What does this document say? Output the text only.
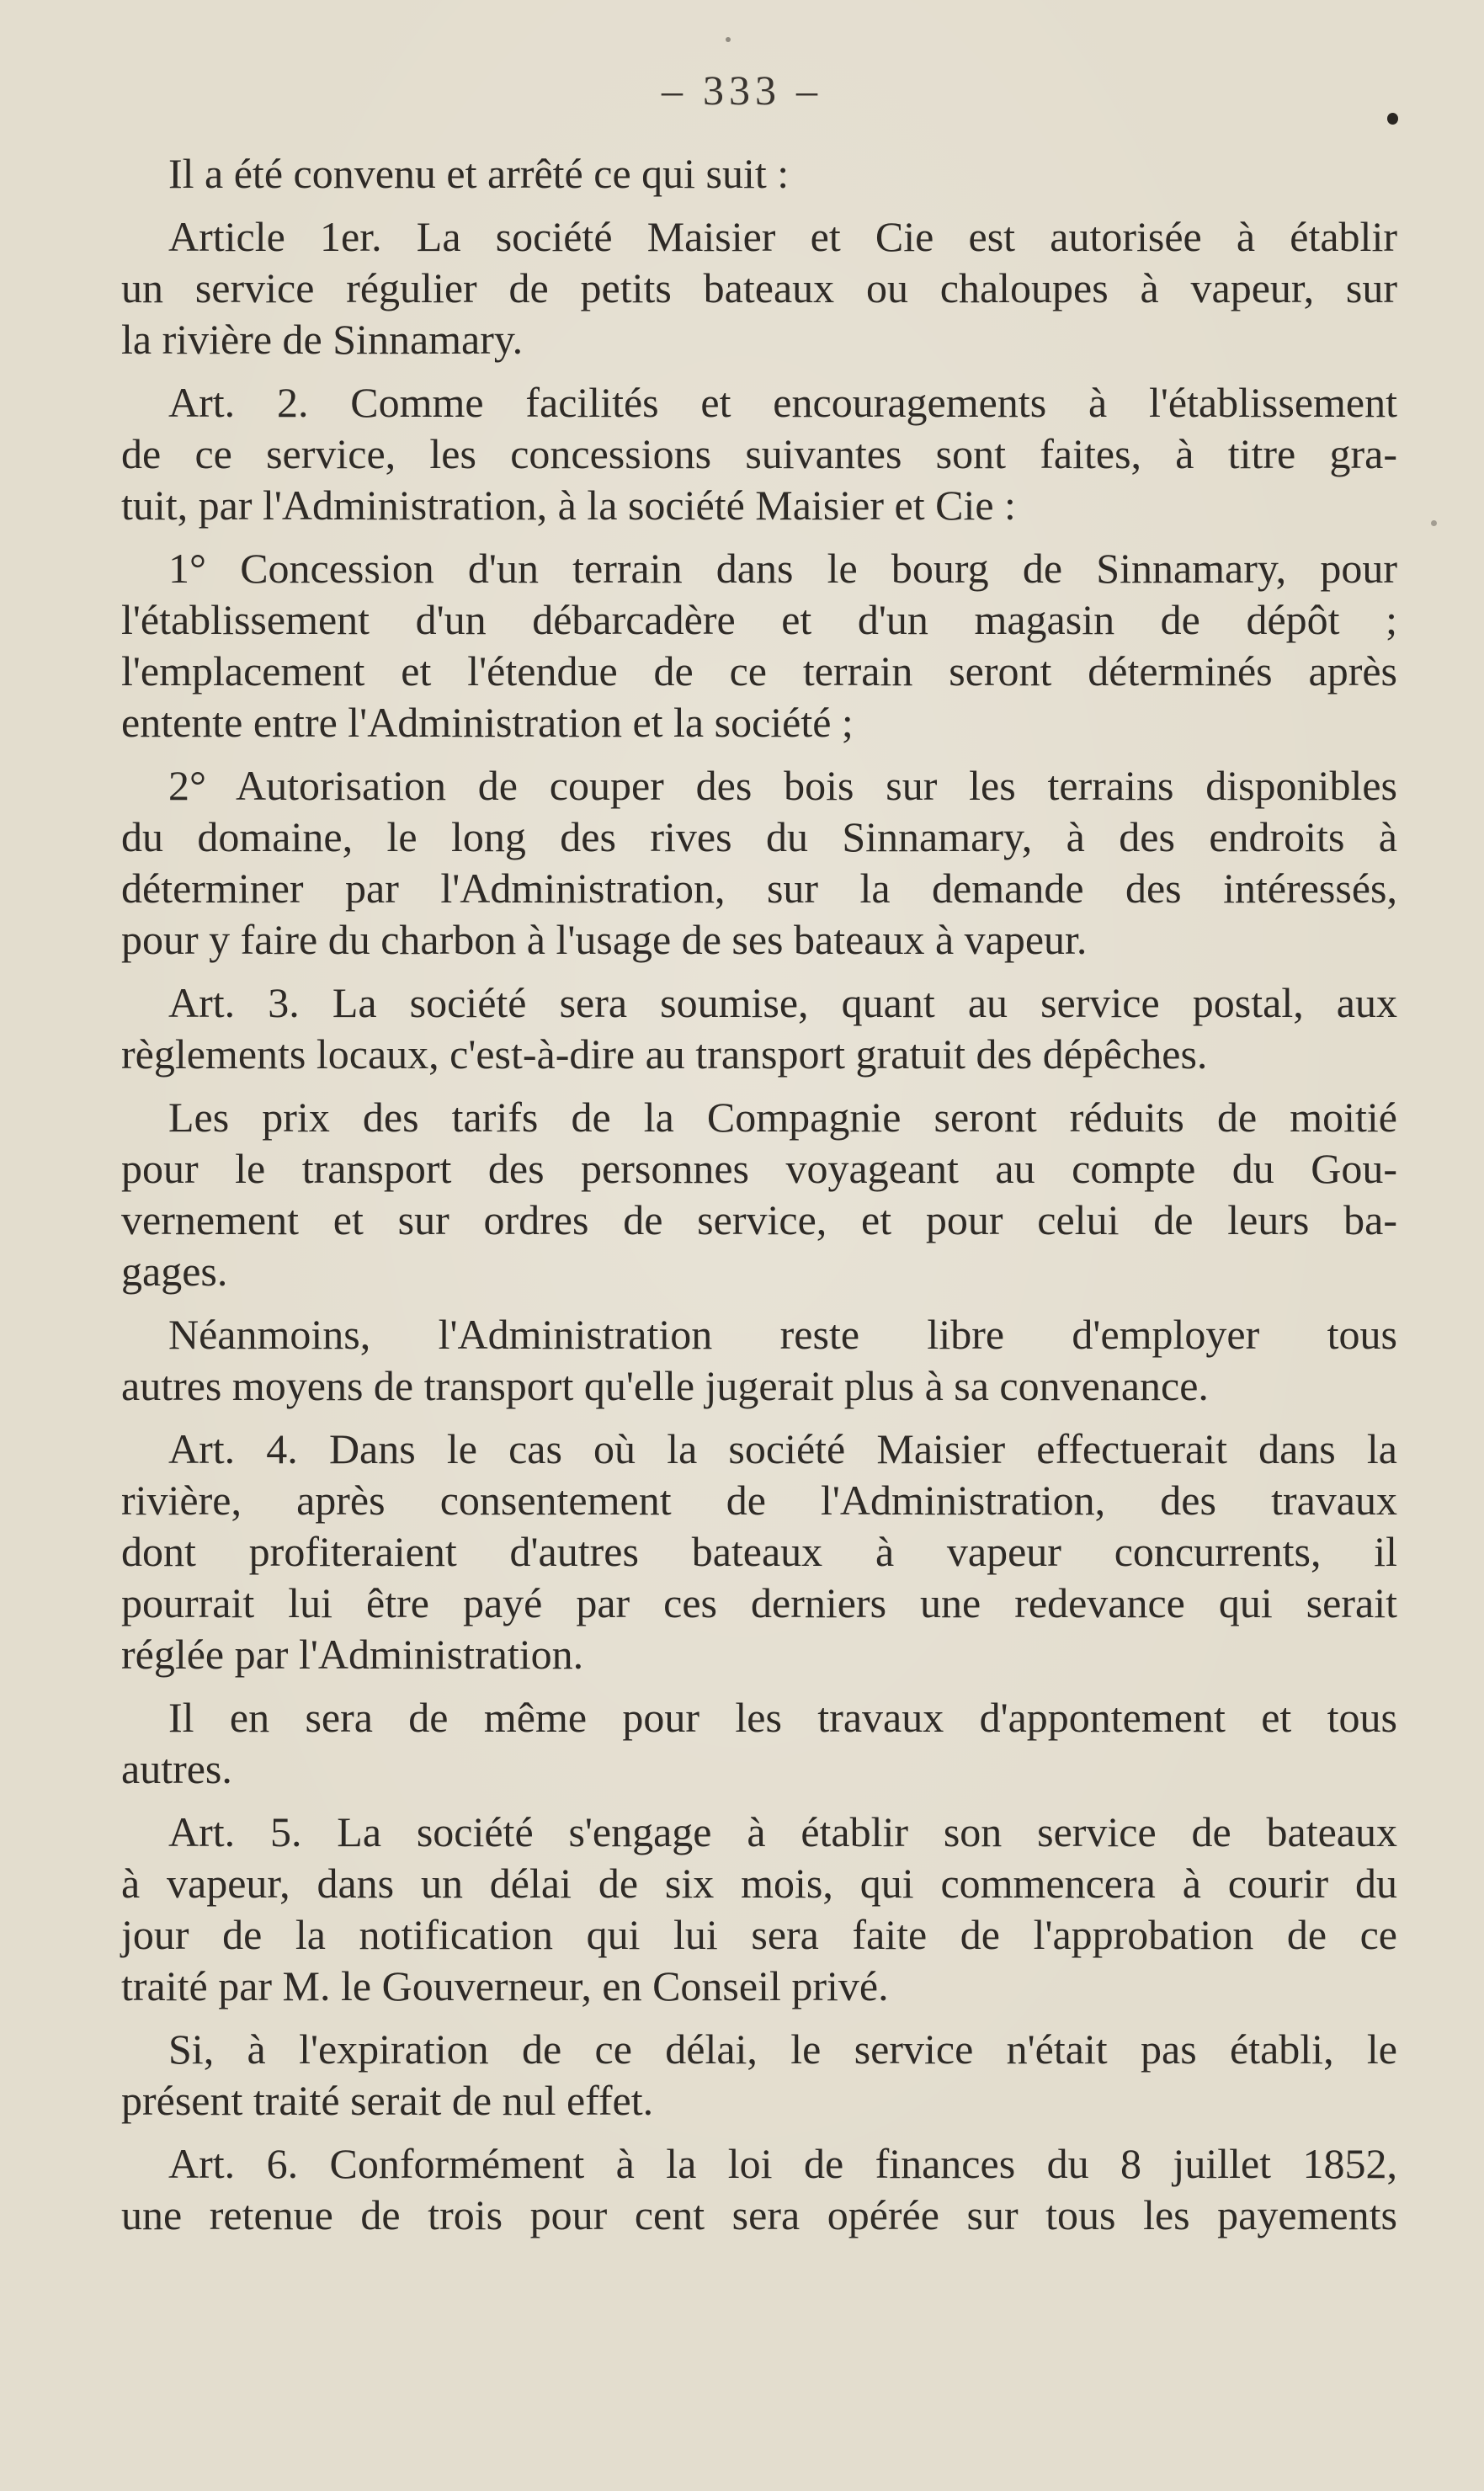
– 333 –

Il a été convenu et arrêté ce qui suit :

Article 1er. La société Maisier et Cie est autorisée à établir
un service régulier de petits bateaux ou chaloupes à vapeur, sur
la rivière de Sinnamary.

Art. 2. Comme facilités et encouragements à l'établissement
de ce service, les concessions suivantes sont faites, à titre gra-
tuit, par l'Administration, à la société Maisier et Cie :

1° Concession d'un terrain dans le bourg de Sinnamary, pour
l'établissement d'un débarcadère et d'un magasin de dépôt ;
l'emplacement et l'étendue de ce terrain seront déterminés après
entente entre l'Administration et la société ;

2° Autorisation de couper des bois sur les terrains disponibles
du domaine, le long des rives du Sinnamary, à des endroits à
déterminer par l'Administration, sur la demande des intéressés,
pour y faire du charbon à l'usage de ses bateaux à vapeur.

Art. 3. La société sera soumise, quant au service postal, aux
règlements locaux, c'est-à-dire au transport gratuit des dépêches.

Les prix des tarifs de la Compagnie seront réduits de moitié
pour le transport des personnes voyageant au compte du Gou-
vernement et sur ordres de service, et pour celui de leurs ba-
gages.

Néanmoins, l'Administration reste libre d'employer tous
autres moyens de transport qu'elle jugerait plus à sa convenance.

Art. 4. Dans le cas où la société Maisier effectuerait dans la
rivière, après consentement de l'Administration, des travaux
dont profiteraient d'autres bateaux à vapeur concurrents, il
pourrait lui être payé par ces derniers une redevance qui serait
réglée par l'Administration.

Il en sera de même pour les travaux d'appontement et tous
autres.

Art. 5. La société s'engage à établir son service de bateaux
à vapeur, dans un délai de six mois, qui commencera à courir du
jour de la notification qui lui sera faite de l'approbation de ce
traité par M. le Gouverneur, en Conseil privé.

Si, à l'expiration de ce délai, le service n'était pas établi, le
présent traité serait de nul effet.

Art. 6. Conformément à la loi de finances du 8 juillet 1852,
une retenue de trois pour cent sera opérée sur tous les payements
